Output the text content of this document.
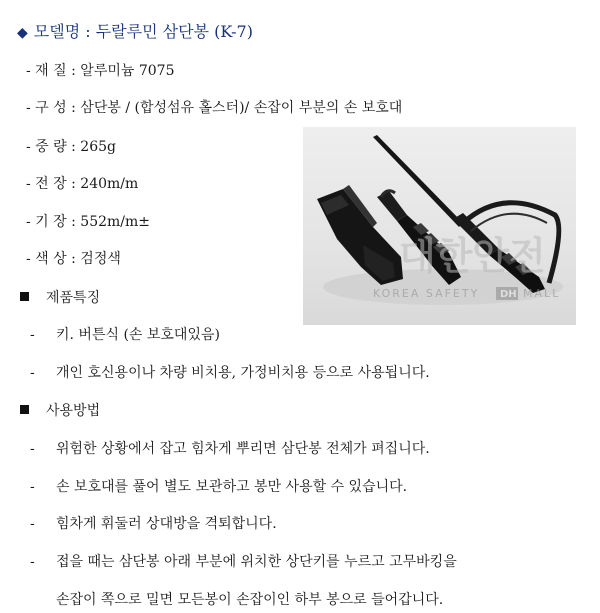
◆ 모델명 : 두랄루민 삼단봉 (K-7)
- 재 질 : 알루미늄 7075
- 구 성 : 삼단봉 / (합성섬유 홀스터)/ 손잡이 부분의 손 보호대
- 중 량 : 265g
- 전 장 : 240m/m
- 기 장 : 552m/m±
- 색 상 : 검정색
제품특징
- 키. 버튼식 (손 보호대있음)
- 개인 호신용이나 차량 비치용, 가정비치용 등으로 사용됩니다.
사용방법
- 위험한 상황에서 잡고 힘차게 뿌리면 삼단봉 전체가 펴집니다.
- 손 보호대를 풀어 별도 보관하고 봉만 사용할 수 있습니다.
- 힘차게 휘둘러 상대방을 격퇴합니다.
- 접을 때는 삼단봉 아래 부분에 위치한 상단키를 누르고 고무바킹을
손잡이 쪽으로 밀면 모든봉이 손잡이인 하부 봉으로 들어갑니다.
대한안전
KOREA SAFETY DH MALL
